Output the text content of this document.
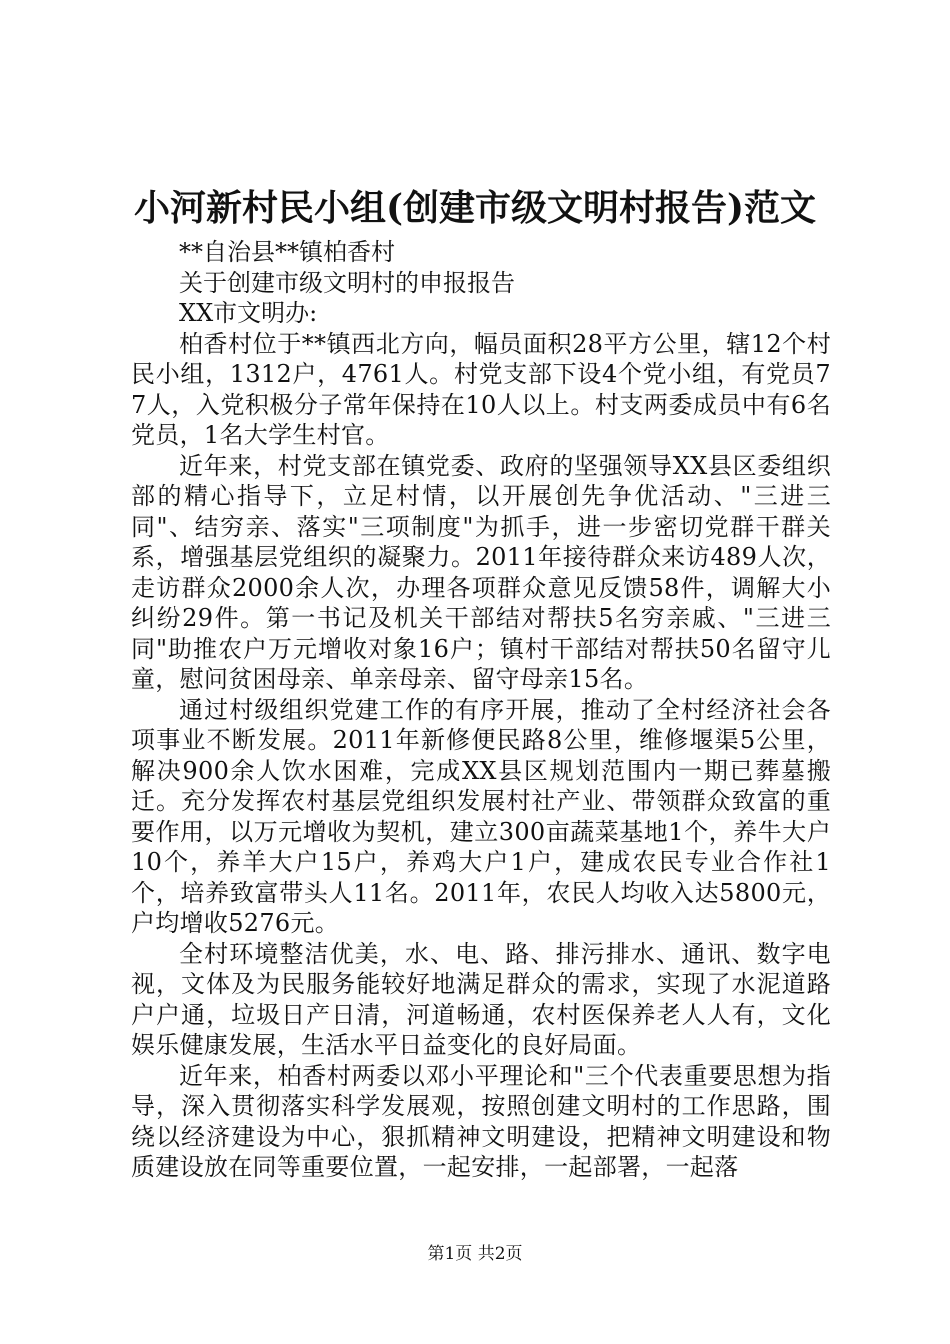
小河新村民小组(创建市级文明村报告)范文

**自治县**镇柏香村

关于创建市级文明村的申报报告

XX市文明办:

柏香村位于**镇西北方向，幅员面积28平方公里，辖12个村民小组，1312户，4761人。村党支部下设4个党小组，有党员77人，入党积极分子常年保持在10人以上。村支两委成员中有6名党员，1名大学生村官。

近年来，村党支部在镇党委、政府的坚强领导XX县区委组织部的精心指导下，立足村情，以开展创先争优活动、"三进三同"、结穷亲、落实"三项制度"为抓手，进一步密切党群干群关系，增强基层党组织的凝聚力。2011年接待群众来访489人次，走访群众2000余人次，办理各项群众意见反馈58件，调解大小纠纷29件。第一书记及机关干部结对帮扶5名穷亲戚、"三进三同"助推农户万元增收对象16户；镇村干部结对帮扶50名留守儿童，慰问贫困母亲、单亲母亲、留守母亲15名。

通过村级组织党建工作的有序开展，推动了全村经济社会各项事业不断发展。2011年新修便民路8公里，维修堰渠5公里，解决900余人饮水困难，完成XX县区规划范围内一期已葬墓搬迁。充分发挥农村基层党组织发展村社产业、带领群众致富的重要作用，以万元增收为契机，建立300亩蔬菜基地1个，养牛大户10个，养羊大户15户，养鸡大户1户，建成农民专业合作社1个，培养致富带头人11名。2011年，农民人均收入达5800元，户均增收5276元。

全村环境整洁优美，水、电、路、排污排水、通讯、数字电视，文体及为民服务能较好地满足群众的需求，实现了水泥道路户户通，垃圾日产日清，河道畅通，农村医保养老人人有，文化娱乐健康发展，生活水平日益变化的良好局面。

近年来，柏香村两委以邓小平理论和"三个代表重要思想为指导，深入贯彻落实科学发展观，按照创建文明村的工作思路，围绕以经济建设为中心，狠抓精神文明建设，把精神文明建设和物质建设放在同等重要位置，一起安排，一起部署，一起落

第1页 共2页
